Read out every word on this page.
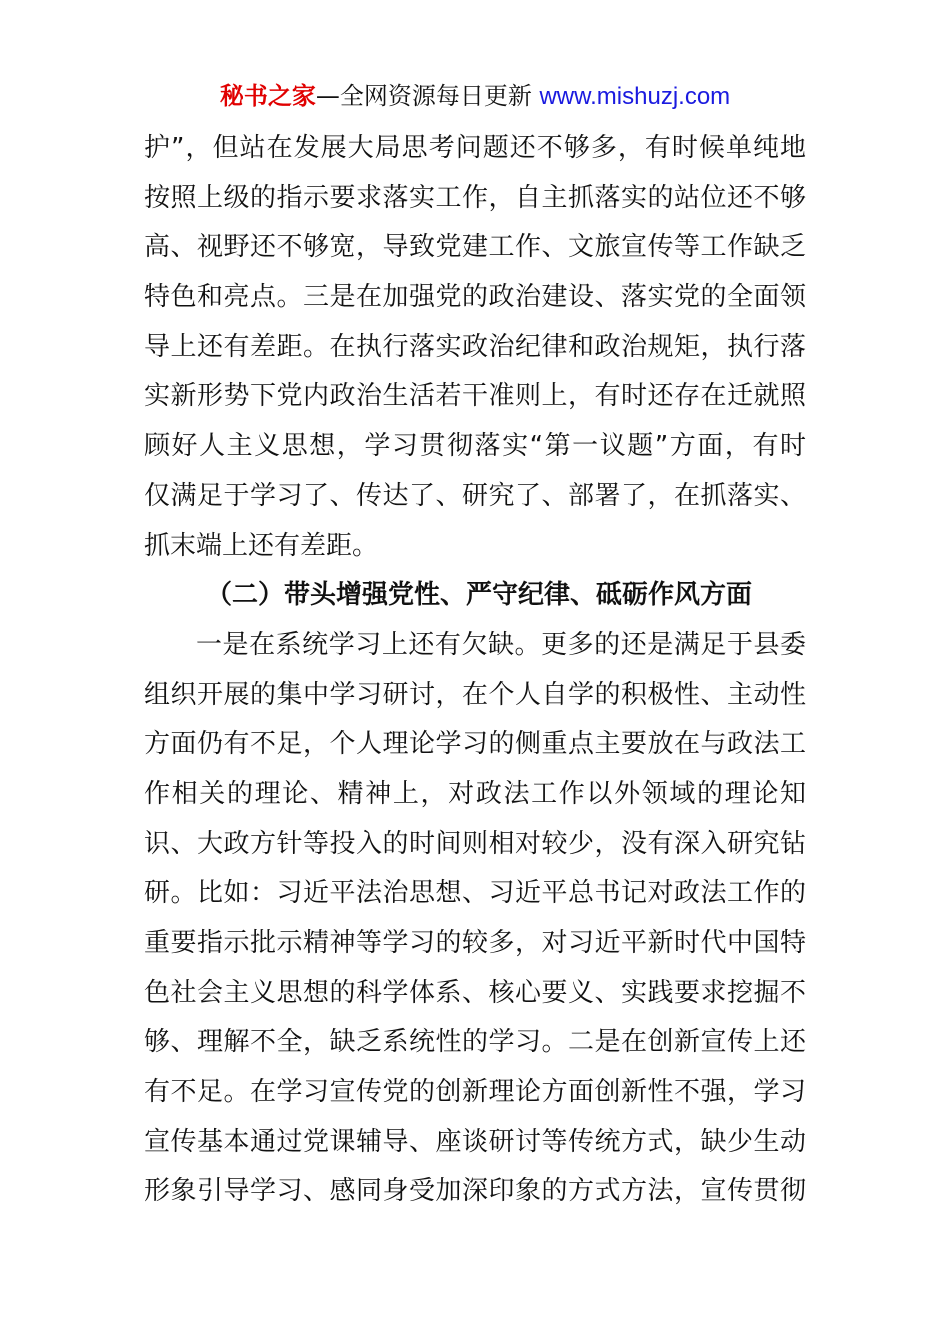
秘书之家—全网资源每日更新 www.mishuzj.com
护”，但站在发展大局思考问题还不够多，有时候单纯地
按照上级的指示要求落实工作，自主抓落实的站位还不够
高、视野还不够宽，导致党建工作、文旅宣传等工作缺乏
特色和亮点。三是在加强党的政治建设、落实党的全面领
导上还有差距。在执行落实政治纪律和政治规矩，执行落
实新形势下党内政治生活若干准则上，有时还存在迁就照
顾好人主义思想，学习贯彻落实“第一议题”方面，有时
仅满足于学习了、传达了、研究了、部署了，在抓落实、
抓末端上还有差距。
（二）带头增强党性、严守纪律、砥砺作风方面
一是在系统学习上还有欠缺。更多的还是满足于县委
组织开展的集中学习研讨，在个人自学的积极性、主动性
方面仍有不足，个人理论学习的侧重点主要放在与政法工
作相关的理论、精神上，对政法工作以外领域的理论知
识、大政方针等投入的时间则相对较少，没有深入研究钻
研。比如：习近平法治思想、习近平总书记对政法工作的
重要指示批示精神等学习的较多，对习近平新时代中国特
色社会主义思想的科学体系、核心要义、实践要求挖掘不
够、理解不全，缺乏系统性的学习。二是在创新宣传上还
有不足。在学习宣传党的创新理论方面创新性不强，学习
宣传基本通过党课辅导、座谈研讨等传统方式，缺少生动
形象引导学习、感同身受加深印象的方式方法，宣传贯彻
